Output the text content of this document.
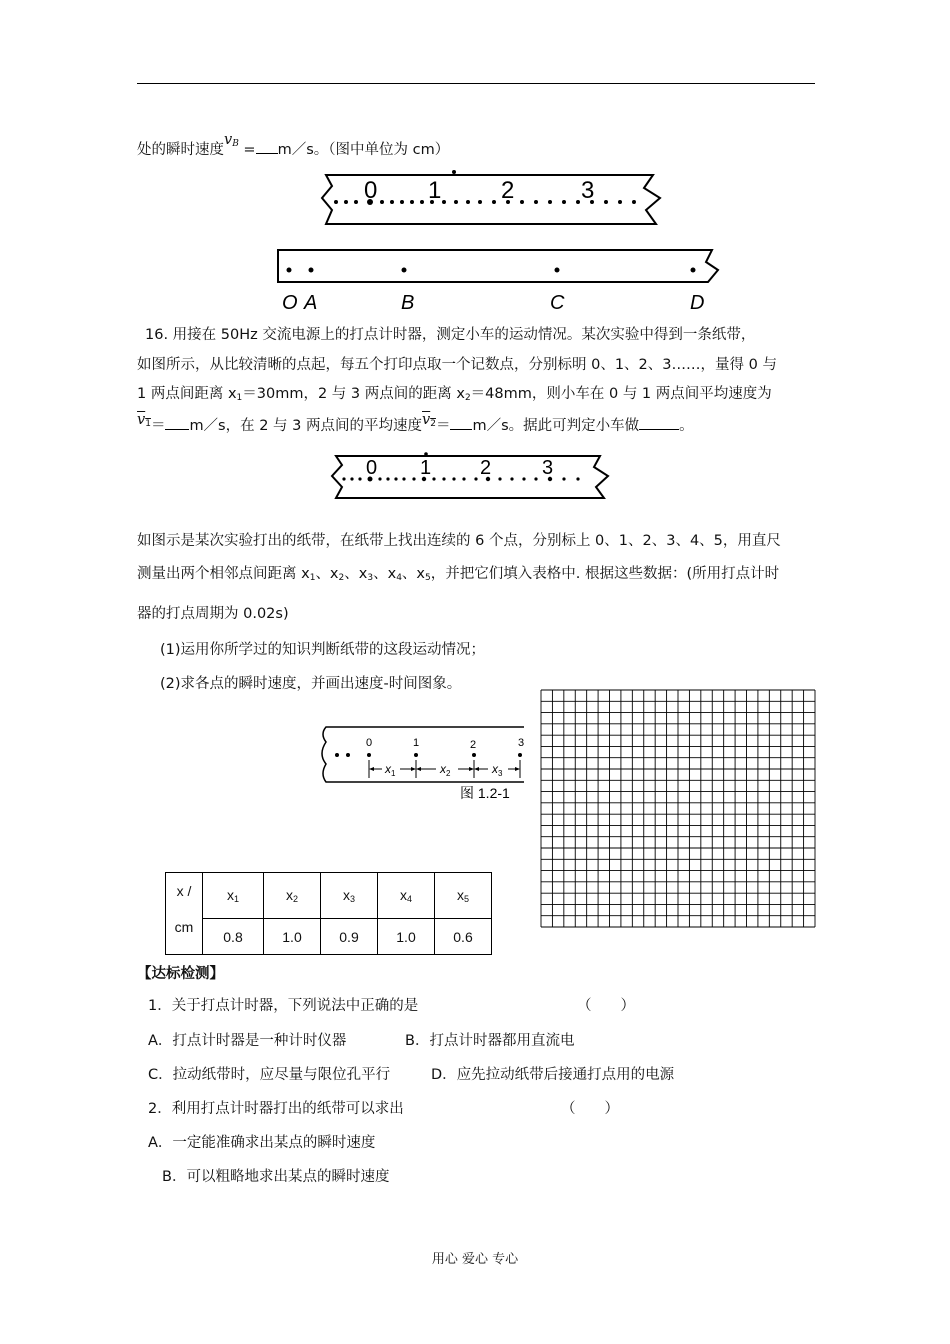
处的瞬时速度$v_B$ = m／s。（图中单位为 cm）
0 1 2	3
O A	B	C	D
16. 用接在 50Hz 交流电源上的打点计时器，测定小车的运动情况。某次实验中得到一条纸带，
如图所示，从比较清晰的点起，每五个打印点取一个记数点，分别标明 0、1、2、3……，量得 0 与
1 两点间距离 $x_1=30mm$，2 与 3 两点间的距离 $x_2=48mm$，则小车在 0 与 1 两点间平均速度为
$v_1=$ m／s，在 2 与 3 两点间的平均速度$v_2=$ m／s。据此可判定小车做	。
0 1 2	3
如图示是某次实验打出的纸带，在纸带上找出连续的 6 个点，分别标上 0、1、2、3、4、5，用直尺
测量出两个相邻点间距离 $x_1$、$x_2$、$x_3$、$x_4$、$x_5$，并把它们填入表格中. 根据这些数据：(所用打点计时
器的打点周期为 0.02s)
(1)运用你所学过的知识判断纸带的这段运动情况；
(2)求各点的瞬时速度，并画出速度-时间图象。
0	1	2	3
$x_1$	$x_2$	$x_3$
图 1.2-1
x /
cm	$x_1$	$x_2$	$x_3$	$x_4$	$x_5$
	0.8	1.0	0.9	1.0	0.6
【达标检测】
1．关于打点计时器，下列说法中正确的是	（　　）
A．打点计时器是一种计时仪器	B．打点计时器都用直流电
C．拉动纸带时，应尽量与限位孔平行	D．应先拉动纸带后接通打点用的电源
2．利用打点计时器打出的纸带可以求出	（　　）
A．一定能准确求出某点的瞬时速度
B．可以粗略地求出某点的瞬时速度
用心 爱心 专心
